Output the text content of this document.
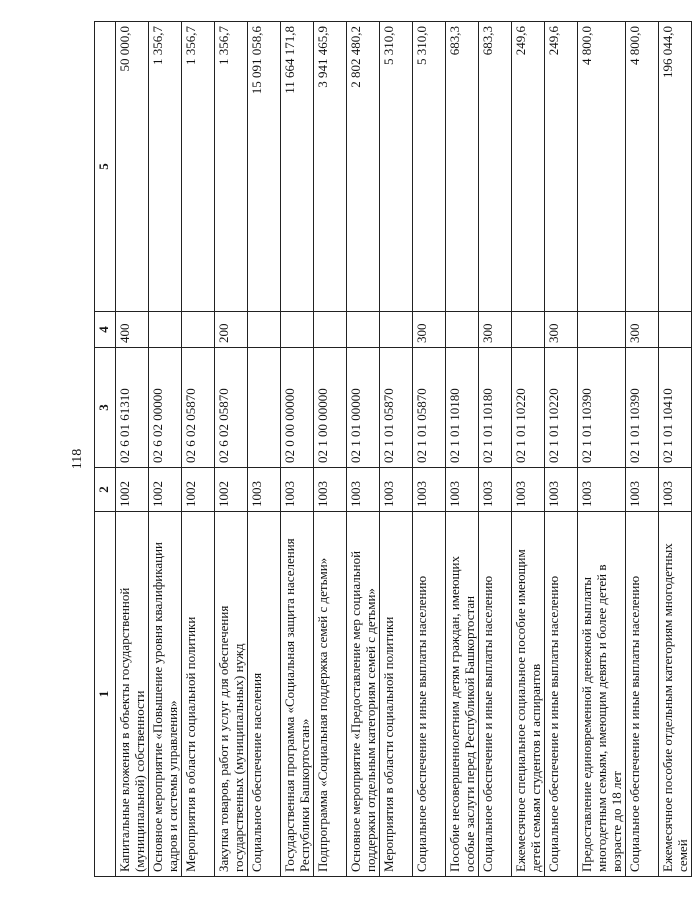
118
1	2	3	4	5
Капитальные вложения в объекты государственной (муниципальной) собственности	1002	02 6 01 61310	400	50 000,0
Основное мероприятие «Повышение уровня квалификации кадров и системы управления»	1002	02 6 02 00000		1 356,7
Мероприятия в области социальной политики	1002	02 6 02 05870		1 356,7
Закупка товаров, работ и услуг для обеспечения государственных (муниципальных) нужд	1002	02 6 02 05870	200	1 356,7
Социальное обеспечение населения	1003			15 091 058,6
Государственная программа «Социальная защита населения Республики Башкортостан»	1003	02 0 00 00000		11 664 171,8
Подпрограмма «Социальная поддержка семей с детьми»	1003	02 1 00 00000		3 941 465,9
Основное мероприятие «Предоставление мер социальной поддержки отдельным категориям семей с детьми»	1003	02 1 01 00000		2 802 480,2
Мероприятия в области социальной политики	1003	02 1 01 05870		5 310,0
Социальное обеспечение и иные выплаты населению	1003	02 1 01 05870	300	5 310,0
Пособие несовершеннолетним детям граждан, имеющих особые заслуги перед Республикой Башкортостан	1003	02 1 01 10180		683,3
Социальное обеспечение и иные выплаты населению	1003	02 1 01 10180	300	683,3
Ежемесячное специальное социальное пособие имеющим детей семьям студентов и аспирантов	1003	02 1 01 10220		249,6
Социальное обеспечение и иные выплаты населению	1003	02 1 01 10220	300	249,6
Предоставление единовременной денежной выплаты многодетным семьям, имеющим девять и более детей в возрасте до 18 лет	1003	02 1 01 10390		4 800,0
Социальное обеспечение и иные выплаты населению	1003	02 1 01 10390	300	4 800,0
Ежемесячное пособие отдельным категориям многодетных семей	1003	02 1 01 10410		196 044,0
